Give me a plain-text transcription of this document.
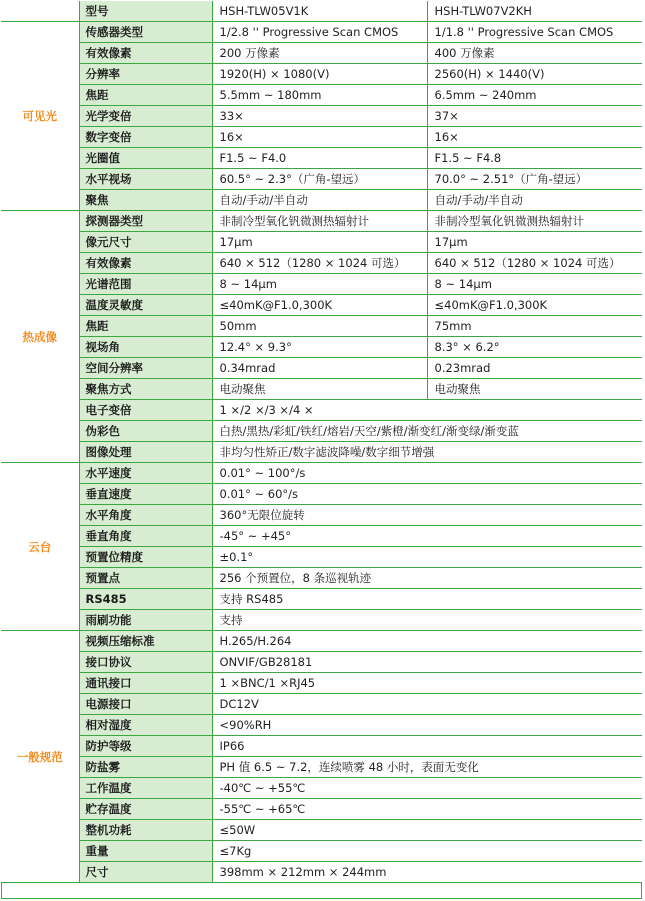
	型号	HSH-TLW05V1K	HSH-TLW07V2KH
可见光	传感器类型	1/2.8 '' Progressive Scan CMOS	1/1.8 '' Progressive Scan CMOS
	有效像素	200 万像素	400 万像素
	分辨率	1920(H) × 1080(V)	2560(H) × 1440(V)
	焦距	5.5mm ~ 180mm	6.5mm ~ 240mm
	光学变倍	33×	37×
	数字变倍	16×	16×
	光圈值	F1.5 ~ F4.0	F1.5 ~ F4.8
	水平视场	60.5° ~ 2.3°（广角-望远）	70.0° ~ 2.51°（广角-望远）
	聚焦	自动/手动/半自动	自动/手动/半自动
热成像	探测器类型	非制冷型氧化钒微测热辐射计	非制冷型氧化钒微测热辐射计
	像元尺寸	17μm	17μm
	有效像素	640 × 512（1280 × 1024 可选）	640 × 512（1280 × 1024 可选）
	光谱范围	8 ~ 14μm	8 ~ 14μm
	温度灵敏度	≤40mK@F1.0,300K	≤40mK@F1.0,300K
	焦距	50mm	75mm
	视场角	12.4° × 9.3°	8.3° × 6.2°
	空间分辨率	0.34mrad	0.23mrad
	聚焦方式	电动聚焦	电动聚焦
	电子变倍	1 ×/2 ×/3 ×/4 ×	
	伪彩色	白热/黑热/彩虹/铁红/熔岩/天空/紫橙/渐变红/渐变绿/渐变蓝	
	图像处理	非均匀性矫正/数字滤波降噪/数字细节增强	
云台	水平速度	0.01° ~ 100°/s	
	垂直速度	0.01° ~ 60°/s	
	水平角度	360°无限位旋转	
	垂直角度	-45° ~ +45°	
	预置位精度	±0.1°	
	预置点	256 个预置位，8 条巡视轨迹	
	RS485	支持 RS485	
	雨刷功能	支持	
一般规范	视频压缩标准	H.265/H.264	
	接口协议	ONVIF/GB28181	
	通讯接口	1 ×BNC/1 ×RJ45	
	电源接口	DC12V	
	相对湿度	<90%RH	
	防护等级	IP66	
	防盐雾	PH 值 6.5 ~ 7.2，连续喷雾 48 小时，表面无变化	
	工作温度	-40℃ ~ +55℃	
	贮存温度	-55℃ ~ +65℃	
	整机功耗	≤50W	
	重量	≤7Kg	
	尺寸	398mm × 212mm × 244mm	
